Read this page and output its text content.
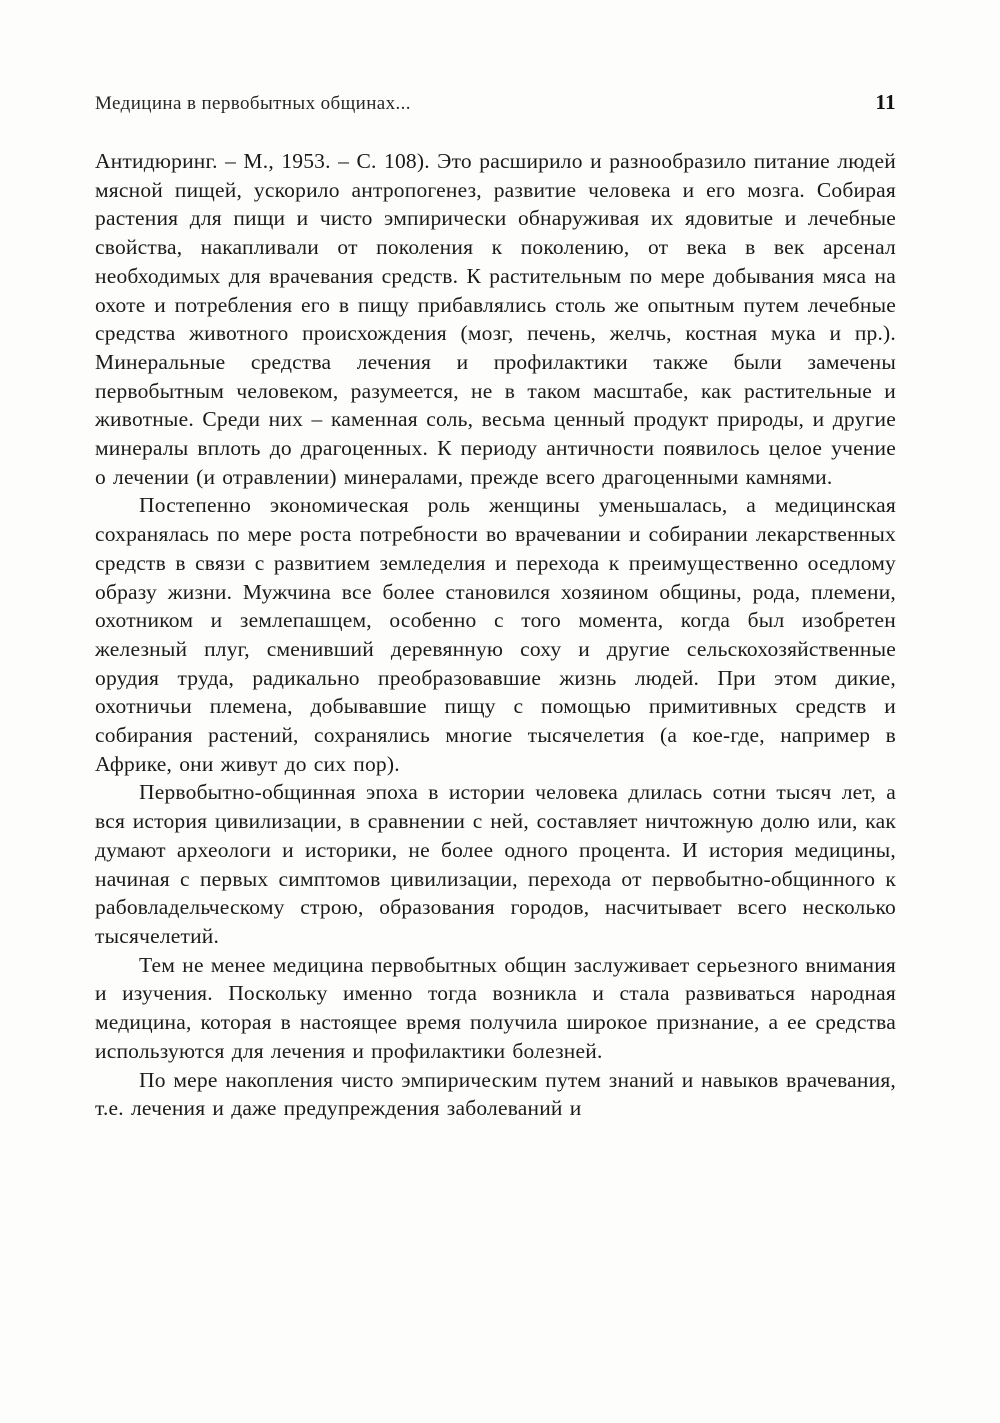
Медицина в первобытных общинах...	11

Антидюринг. – М., 1953. – С. 108). Это расширило и разнообразило питание людей мясной пищей, ускорило антропогенез, развитие человека и его мозга. Собирая растения для пищи и чисто эмпирически обнаруживая их ядовитые и лечебные свойства, накапливали от поколения к поколению, от века в век арсенал необходимых для врачевания средств. К растительным по мере добывания мяса на охоте и потребления его в пищу прибавлялись столь же опытным путем лечебные средства животного происхождения (мозг, печень, желчь, костная мука и пр.). Минеральные средства лечения и профилактики также были замечены первобытным человеком, разумеется, не в таком масштабе, как растительные и животные. Среди них – каменная соль, весьма ценный продукт природы, и другие минералы вплоть до драгоценных. К периоду античности появилось целое учение о лечении (и отравлении) минералами, прежде всего драгоценными камнями.

Постепенно экономическая роль женщины уменьшалась, а медицинская сохранялась по мере роста потребности во врачевании и собирании лекарственных средств в связи с развитием земледелия и перехода к преимущественно оседлому образу жизни. Мужчина все более становился хозяином общины, рода, племени, охотником и землепашцем, особенно с того момента, когда был изобретен железный плуг, сменивший деревянную соху и другие сельскохозяйственные орудия труда, радикально преобразовавшие жизнь людей. При этом дикие, охотничьи племена, добывавшие пищу с помощью примитивных средств и собирания растений, сохранялись многие тысячелетия (а кое-где, например в Африке, они живут до сих пор).

Первобытно-общинная эпоха в истории человека длилась сотни тысяч лет, а вся история цивилизации, в сравнении с ней, составляет ничтожную долю или, как думают археологи и историки, не более одного процента. И история медицины, начиная с первых симптомов цивилизации, перехода от первобытно-общинного к рабовладельческому строю, образования городов, насчитывает всего несколько тысячелетий.

Тем не менее медицина первобытных общин заслуживает серьезного внимания и изучения. Поскольку именно тогда возникла и стала развиваться народная медицина, которая в настоящее время получила широкое признание, а ее средства используются для лечения и профилактики болезней.

По мере накопления чисто эмпирическим путем знаний и навыков врачевания, т.е. лечения и даже предупреждения заболеваний и
